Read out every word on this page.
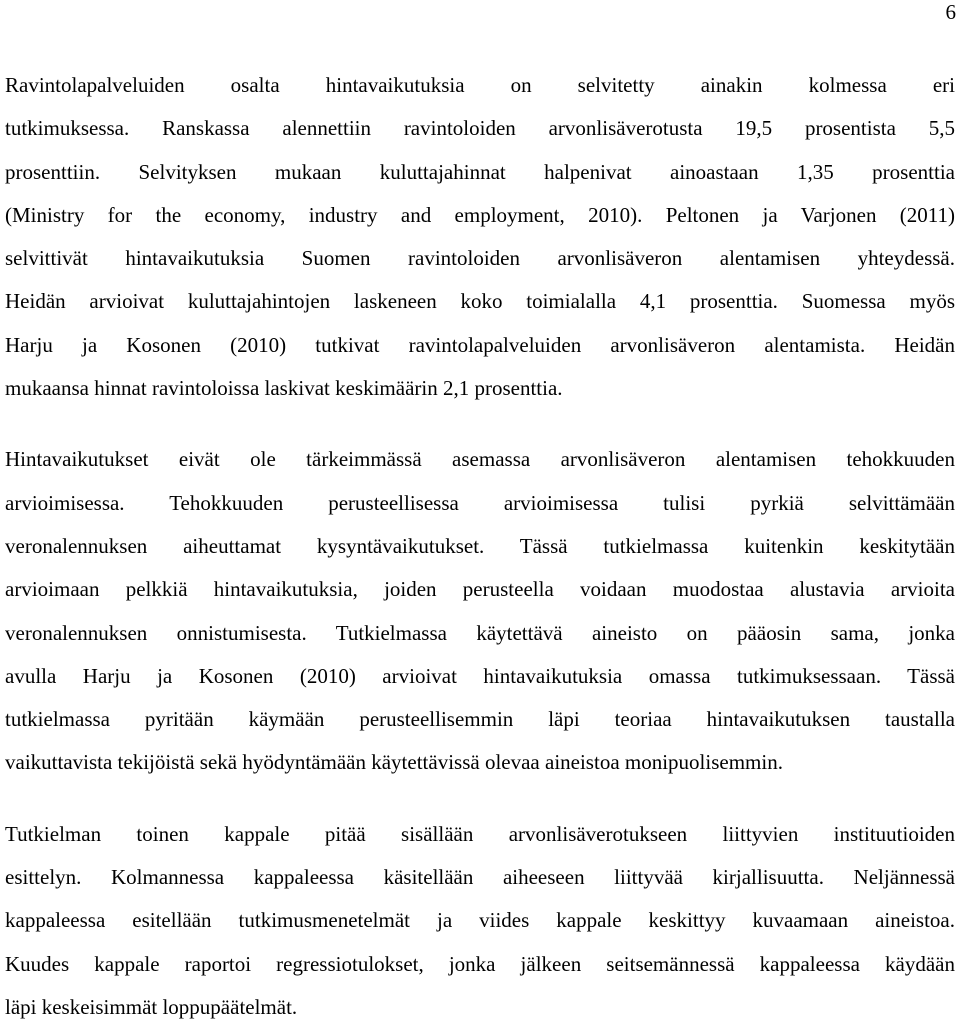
6
Ravintolapalveluiden osalta hintavaikutuksia on selvitetty ainakin kolmessa eri
tutkimuksessa. Ranskassa alennettiin ravintoloiden arvonlisäverotusta 19,5 prosentista 5,5
prosenttiin. Selvityksen mukaan kuluttajahinnat halpenivat ainoastaan 1,35 prosenttia
(Ministry for the economy, industry and employment, 2010). Peltonen ja Varjonen (2011)
selvittivät hintavaikutuksia Suomen ravintoloiden arvonlisäveron alentamisen yhteydessä.
Heidän arvioivat kuluttajahintojen laskeneen koko toimialalla 4,1 prosenttia. Suomessa myös
Harju ja Kosonen (2010) tutkivat ravintolapalveluiden arvonlisäveron alentamista. Heidän
mukaansa hinnat ravintoloissa laskivat keskimäärin 2,1 prosenttia.
Hintavaikutukset eivät ole tärkeimmässä asemassa arvonlisäveron alentamisen tehokkuuden
arvioimisessa. Tehokkuuden perusteellisessa arvioimisessa tulisi pyrkiä selvittämään
veronalennuksen aiheuttamat kysyntävaikutukset. Tässä tutkielmassa kuitenkin keskitytään
arvioimaan pelkkiä hintavaikutuksia, joiden perusteella voidaan muodostaa alustavia arvioita
veronalennuksen onnistumisesta. Tutkielmassa käytettävä aineisto on pääosin sama, jonka
avulla Harju ja Kosonen (2010) arvioivat hintavaikutuksia omassa tutkimuksessaan. Tässä
tutkielmassa pyritään käymään perusteellisemmin läpi teoriaa hintavaikutuksen taustalla
vaikuttavista tekijöistä sekä hyödyntämään käytettävissä olevaa aineistoa monipuolisemmin.
Tutkielman toinen kappale pitää sisällään arvonlisäverotukseen liittyvien instituutioiden
esittelyn. Kolmannessa kappaleessa käsitellään aiheeseen liittyvää kirjallisuutta. Neljännessä
kappaleessa esitellään tutkimusmenetelmät ja viides kappale keskittyy kuvaamaan aineistoa.
Kuudes kappale raportoi regressiotulokset, jonka jälkeen seitsemännessä kappaleessa käydään
läpi keskeisimmät loppupäätelmät.
